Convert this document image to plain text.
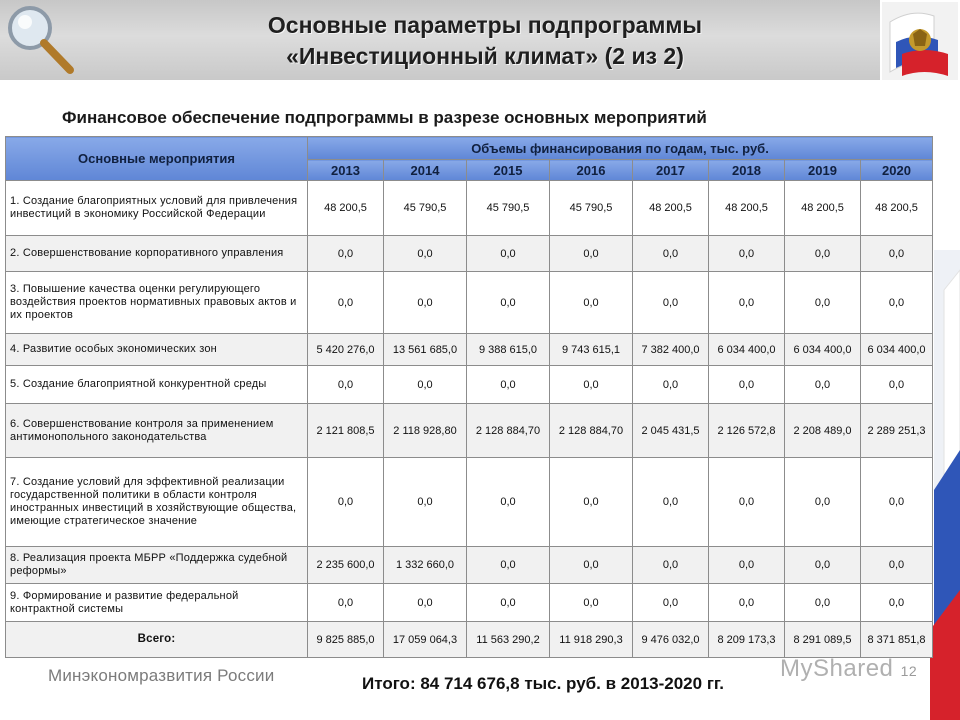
Основные параметры подпрограммы
«Инвестиционный климат» (2 из 2)
Финансовое обеспечение подпрограммы в разрезе основных мероприятий
Основные мероприятия	Объемы финансирования по годам, тыс. руб.							
	2013	2014	2015	2016	2017	2018	2019	2020
1. Создание благоприятных условий для привлечения инвестиций в экономику Российской Федерации	48 200,5	45 790,5	45 790,5	45 790,5	48 200,5	48 200,5	48 200,5	48 200,5
2. Совершенствование корпоративного управления	0,0	0,0	0,0	0,0	0,0	0,0	0,0	0,0
3. Повышение качества оценки регулирующего воздействия проектов нормативных правовых актов и их проектов	0,0	0,0	0,0	0,0	0,0	0,0	0,0	0,0
4. Развитие особых экономических зон	5 420 276,0	13 561 685,0	9 388 615,0	9 743 615,1	7 382 400,0	6 034 400,0	6 034 400,0	6 034 400,0
5. Создание благоприятной конкурентной среды	0,0	0,0	0,0	0,0	0,0	0,0	0,0	0,0
6. Совершенствование контроля за применением антимонопольного законодательства	2 121 808,5	2 118 928,80	2 128 884,70	2 128 884,70	2 045 431,5	2 126 572,8	2 208 489,0	2 289 251,3
7. Создание условий для эффективной реализации государственной политики в области контроля иностранных инвестиций в хозяйствующие общества, имеющие стратегическое значение	0,0	0,0	0,0	0,0	0,0	0,0	0,0	0,0
8. Реализация проекта МБРР «Поддержка судебной реформы»	2 235 600,0	1 332 660,0	0,0	0,0	0,0	0,0	0,0	0,0
9. Формирование и развитие федеральной контрактной системы	0,0	0,0	0,0	0,0	0,0	0,0	0,0	0,0
Всего:	9 825 885,0	17 059 064,3	11 563 290,2	11 918 290,3	9 476 032,0	8 209 173,3	8 291 089,5	8 371 851,8
Минэкономразвития России	MyShared 12
Итого: 84 714 676,8 тыс. руб. в 2013-2020 гг.
